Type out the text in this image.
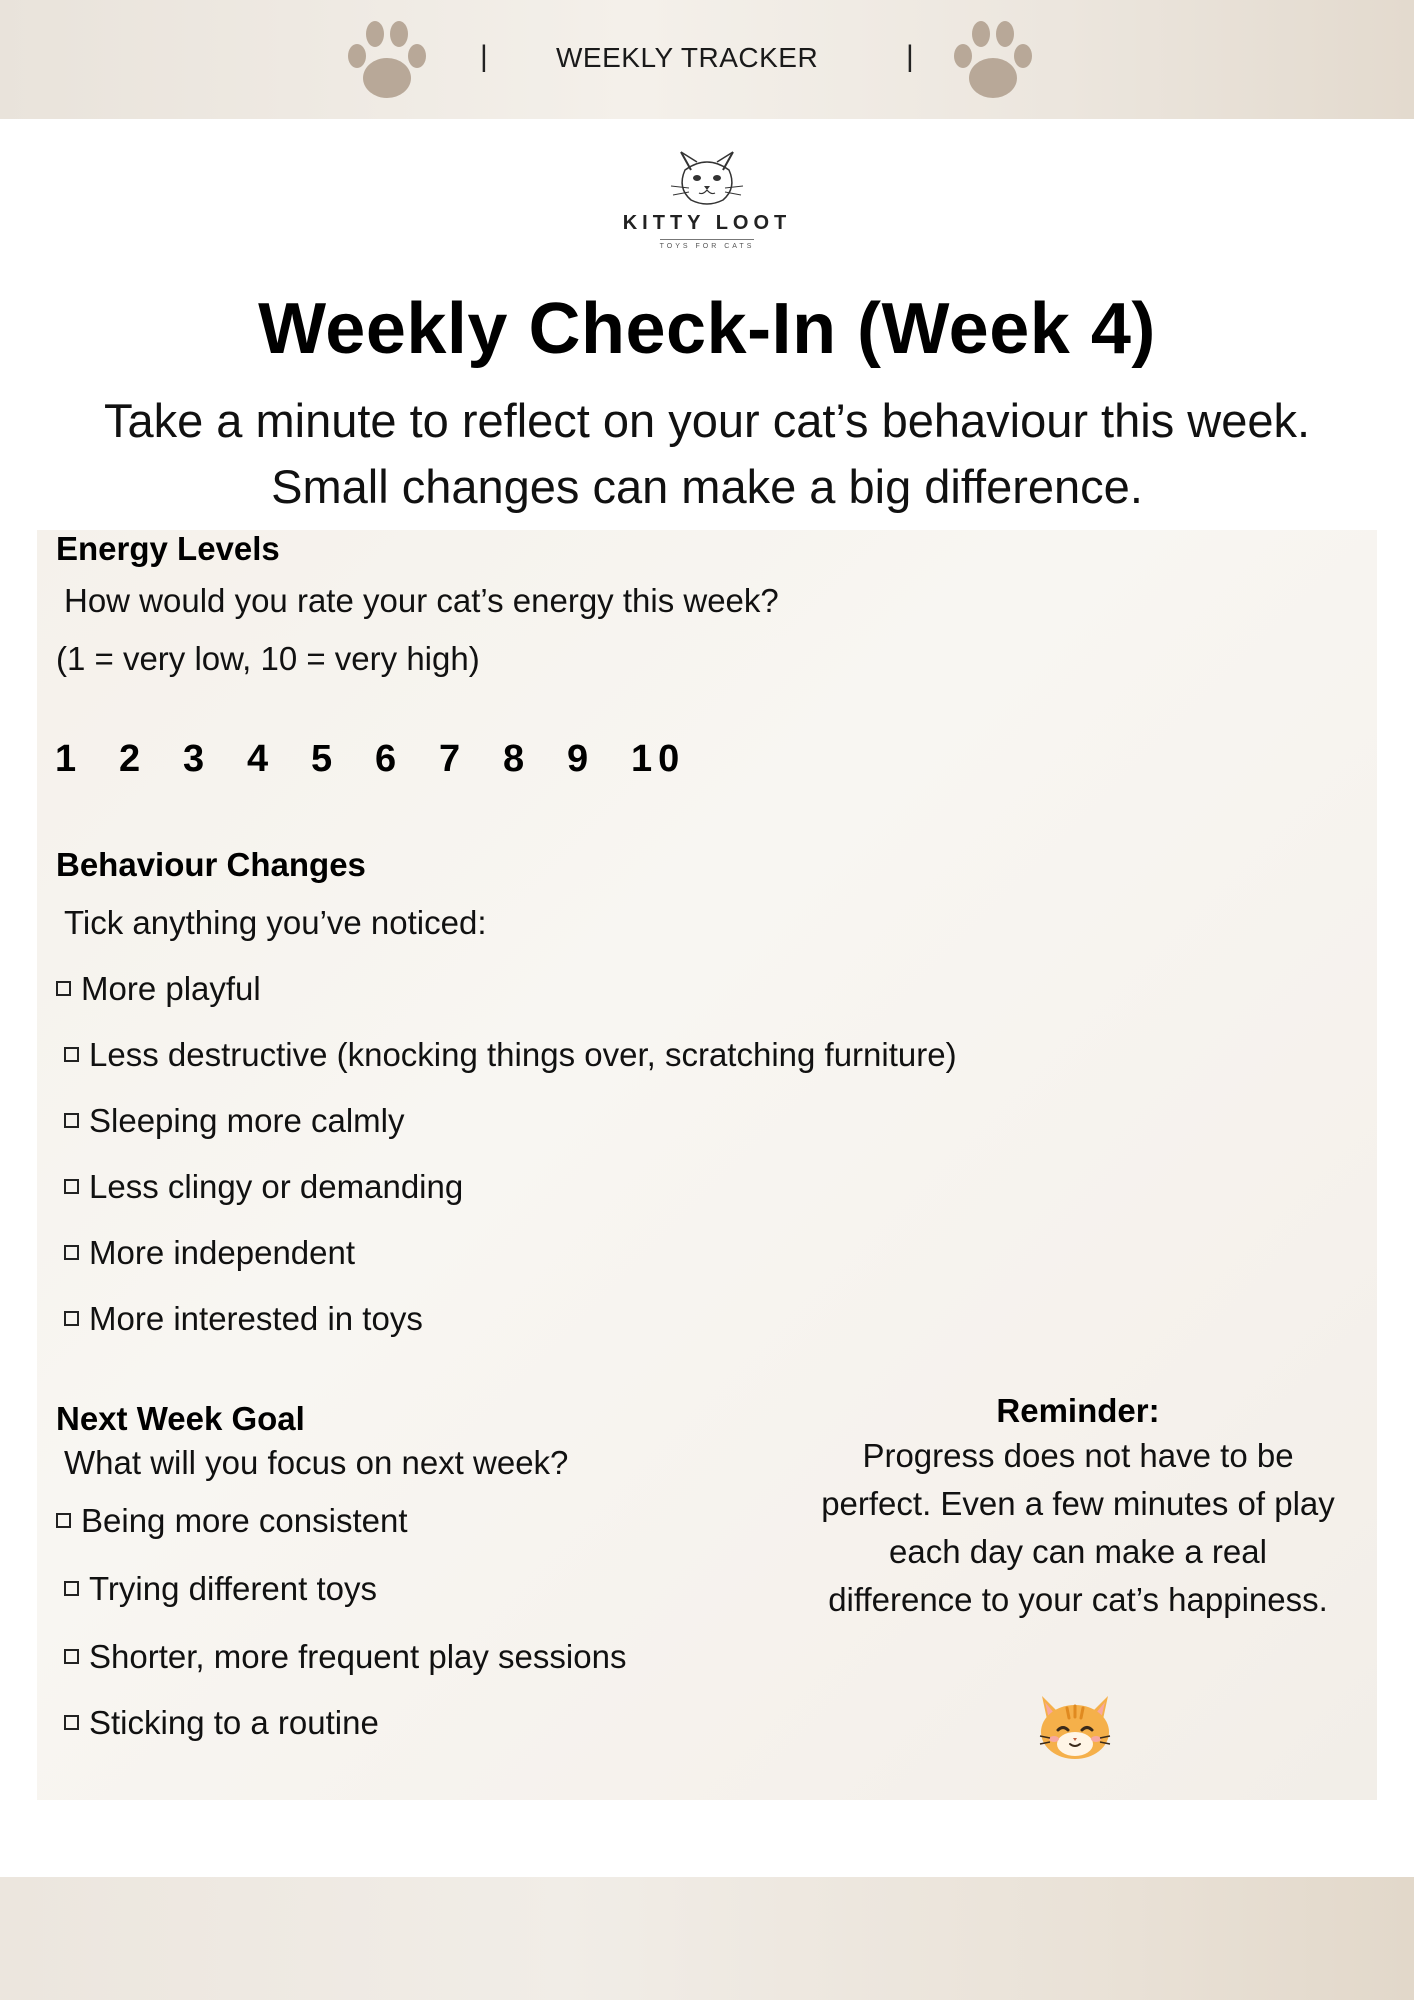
| WEEKLY TRACKER	|
KITTY LOOT
TOYS FOR CATS
Weekly Check-In (Week 4)

Take a minute to reflect on your cat’s behaviour this week. Small changes can make a big difference.

Energy Levels
How would you rate your cat’s energy this week?
(1 = very low, 10 = very high)
1	2	3	4	5	6	7	8	9	10
Behaviour Changes
Tick anything you’ve noticed:
More playful
Less destructive (knocking things over, scratching furniture)
Sleeping more calmly
Less clingy or demanding
More independent
More interested in toys
Next Week Goal
What will you focus on next week?
Being more consistent
Trying different toys
Shorter, more frequent play sessions
Sticking to a routine
Reminder:
Progress does not have to be perfect. Even a few minutes of play each day can make a real difference to your cat’s happiness.
